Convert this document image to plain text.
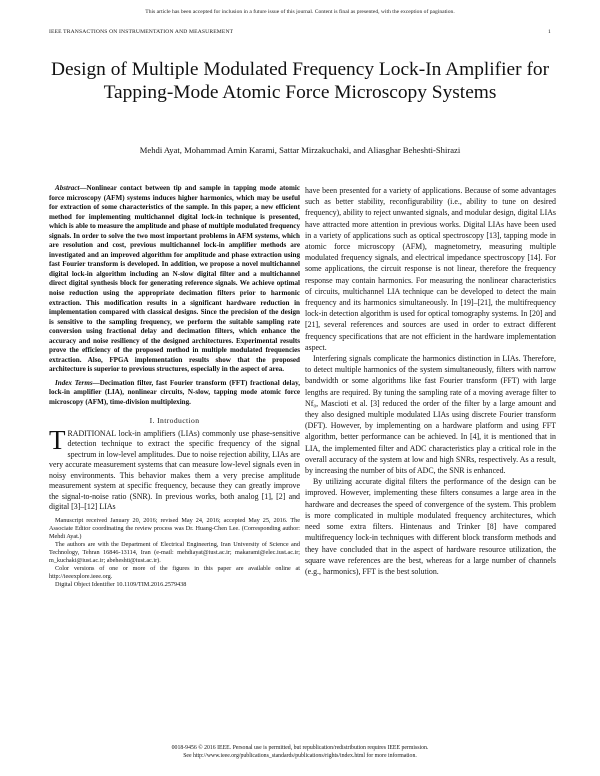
This article has been accepted for inclusion in a future issue of this journal. Content is final as presented, with the exception of pagination.
IEEE TRANSACTIONS ON INSTRUMENTATION AND MEASUREMENT	1
Design of Multiple Modulated Frequency Lock-In Amplifier for Tapping-Mode Atomic Force Microscopy Systems
Mehdi Ayat, Mohammad Amin Karami, Sattar Mirzakuchaki, and Aliasghar Beheshti-Shirazi

Abstract—Nonlinear contact between tip and sample in tapping mode atomic force microscopy (AFM) systems induces higher harmonics, which may be useful for extraction of some characteristics of the sample. In this paper, a new efficient method for implementing multichannel digital lock-in technique is presented, which is able to measure the amplitude and phase of multiple modulated frequency signals. In order to solve the two most important problems in AFM systems, which are resolution and cost, previous multichannel lock-in amplifier methods are investigated and an improved algorithm for amplitude and phase extraction using fast Fourier transform is developed. In addition, we propose a novel multichannel digital lock-in algorithm including an N-slow digital filter and a multichannel direct digital synthesis block for generating reference signals. We achieve optimal noise reduction using the appropriate decimation filters prior to harmonic extraction. This modification results in a significant hardware reduction in implementation compared with classical designs. Since the precision of the design is sensitive to the sampling frequency, we perform the suitable sampling rate conversion using fractional delay and decimation filters, which enhance the accuracy and noise resiliency of the designed architectures. Experimental results prove the efficiency of the proposed method in multiple modulated frequencies extraction. Also, FPGA implementation results show that the proposed architecture is superior to previous structures, especially in the aspect of area.

Index Terms—Decimation filter, fast Fourier transform (FFT) fractional delay, lock-in amplifier (LIA), nonlinear circuits, N-slow, tapping mode atomic force microscopy (AFM), time-division multiplexing.

I. Introduction

TRADITIONAL lock-in amplifiers (LIAs) commonly use phase-sensitive detection technique to extract the specific frequency of the signal spectrum in low-level amplitudes. Due to noise rejection ability, LIAs are very accurate measurement systems that can measure low-level signals even in noisy environments. This behavior makes them a very precise amplitude measurement system at specific frequency, because they can greatly improve the signal-to-noise ratio (SNR). In previous works, both analog [1], [2] and digital [3]–[12] LIAs

Manuscript received January 20, 2016; revised May 24, 2016; accepted May 25, 2016. The Associate Editor coordinating the review process was Dr. Huang-Chen Lee. (Corresponding author: Mehdi Ayat.)

The authors are with the Department of Electrical Engineering, Iran University of Science and Technology, Tehran 16846-13114, Iran (e-mail: mehdiayat@iust.ac.ir; makarami@elec.iust.ac.ir; m_kuchaki@iust.ac.ir; abeheshti@iust.ac.ir).

Color versions of one or more of the figures in this paper are available online at http://ieeexplore.ieee.org.

Digital Object Identifier 10.1109/TIM.2016.2579438

have been presented for a variety of applications. Because of some advantages such as better stability, reconfigurability (i.e., ability to tune on desired frequency), ability to reject unwanted signals, and modular design, digital LIAs have attracted more attention in previous works. Digital LIAs have been used in a variety of applications such as optical spectroscopy [13], tapping mode in atomic force microscopy (AFM), magnetometry, measuring multiple modulated frequency signals, and electrical impedance spectroscopy [14]. For some applications, the circuit response is not linear, therefore the frequency response may contain harmonics. For measuring the nonlinear characteristics of circuits, multichannel LIA technique can be developed to detect the main frequency and its harmonics simultaneously. In [19]–[21], the multifrequency lock-in detection algorithm is used for optical tomography systems. In [20] and [21], several references and sources are used in order to extract different frequency specifications that are not efficient in the hardware implementation aspect.

Interfering signals complicate the harmonics distinction in LIAs. Therefore, to detect multiple harmonics of the system simultaneously, filters with narrow bandwidth or some algorithms like fast Fourier transform (FFT) with large lengths are required. By tuning the sampling rate of a moving average filter to Nf₀, Mascioti et al. [3] reduced the order of the filter by a large amount and they also designed multiple modulated LIAs using discrete Fourier transform (DFT). However, by implementing on a hardware platform and using FFT algorithm, better performance can be achieved. In [4], it is mentioned that in LIA, the implemented filter and ADC characteristics play a critical role in the overall accuracy of the system at low and high SNRs, respectively. As a result, by increasing the number of bits of ADC, the SNR is enhanced.

By utilizing accurate digital filters the performance of the design can be improved. However, implementing these filters consumes a large area in the hardware and decreases the speed of convergence of the system. This problem is more complicated in multiple modulated frequency architectures, which need some extra filters. Hintenaus and Trinker [8] have compared multifrequency lock-in techniques with different block transform methods and they have concluded that in the aspect of hardware resource utilization, the square wave references are the best, whereas for a large number of channels (e.g., harmonics), FFT is the best solution.

0018-9456 © 2016 IEEE. Personal use is permitted, but republication/redistribution requires IEEE permission.
See http://www.ieee.org/publications_standards/publications/rights/index.html for more information.
